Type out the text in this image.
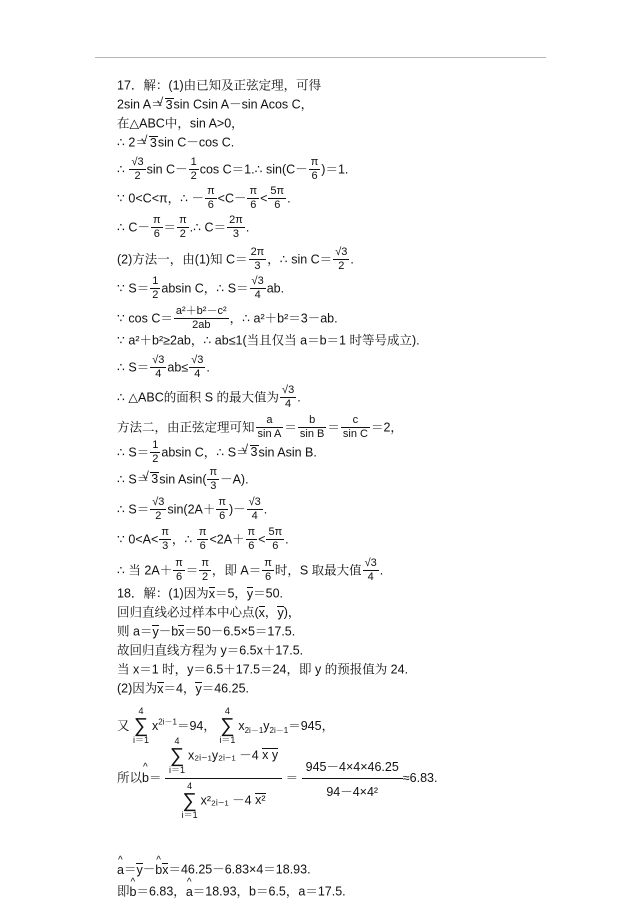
17．解：(1)由已知及正弦定理，可得
2sin A＝ √ 3sin Csin A－sin Acos C，
在△ABC中，sin A>0，
∴ 2＝ √ 3sin C－cos C.
∴ $\frac{√3}{2}$ $\sin C- \frac{1}{2}$ cos C＝1.∴ $\sin(C- \frac{\pi}{6} )=1$.
∵ 0<C<π，∴ － $\frac{\pi}{6} <C- \frac{\pi}{6} < \frac{5\pi}{6}$ .
∴ $C- \frac{\pi}{6} = \frac{\pi}{2}$ .∴ $C= \frac{2\pi}{3}$ .
(2)方法一，由(1)知 $C= \frac{2\pi}{3}$ ，∴ $\sin C= \frac{√3}{2}$ .
∵ $S= \frac{1}{2}$ absin C，∴ $S= \frac{√3}{4}$ ab.
∵ $\cos C= \frac{\text{a²＋b²－c²}}{2ab}$ ，∴ a²＋b²＝3－ab.
∵ a²＋b²≥2ab，∴ ab≤1(当且仅当 a＝b＝1 时等号成立).
∴ $S= \frac{√3}{4} ab\le \frac{√3}{4}$ .
∴ △ABC的面积 S 的最大值为 $\frac{√3}{4}$ .
方法二，由正弦定理可知 $\frac{a}{\text{sin A}} = \frac{b}{\text{sin B}} = \frac{c}{\text{sin C}} =2$，
∴ $S= \frac{1}{2}$ absin C，∴ S＝ √ 3sin Asin B.
∴ S＝ √ 3sin $Asin( \frac{\pi}{3} -A)$.
∴ $S= \frac{√3}{2} \sin(2A+ \frac{\pi}{6}$ )－ $\frac{√3}{4}$ .
∵ $0<A< \frac{\pi}{3}$ ，∴ $\frac{\pi}{6} <2A+ \frac{\pi}{6} < \frac{5\pi}{6}$ .
∴ 当 $2A+ \frac{\pi}{6} = \frac{\pi}{2}$ ，即 $A= \frac{\pi}{6}$ 时，S 取最大值 $\frac{√3}{4}$ .
18．解：(1)因为x＝5，y＝50.
回归直线必过样本中心点(x，y)，
则 a＝y－bx＝50－6.5×5＝17.5.
故回归直线方程为 y＝6.5x＋17.5.
当 x＝1 时，y＝6.5＋17.5＝24，即 y 的预报值为 24.
(2)因为x＝4，y＝46.25.
又 4
∑
$i=1x^{2i-1}=94$， 4
∑
$i=1x_{2i-1}y_{2i-1}=945$，
所以b ^＝ 4
∑
i＝1x₂ᵢ₋₁y₂ᵢ₋₁ －4 x y
4
∑
i＝1x²₂ᵢ₋₁ －4 $x^2 = \frac{945-4\times 4\times 46.25}{\text{94－4×4²}} \approx 6.83$.
a ^＝y－b ^x＝46.25－6.83×4＝18.93.
即b ^＝6.83，a ^＝18.93，b＝6.5，a＝17.5.
